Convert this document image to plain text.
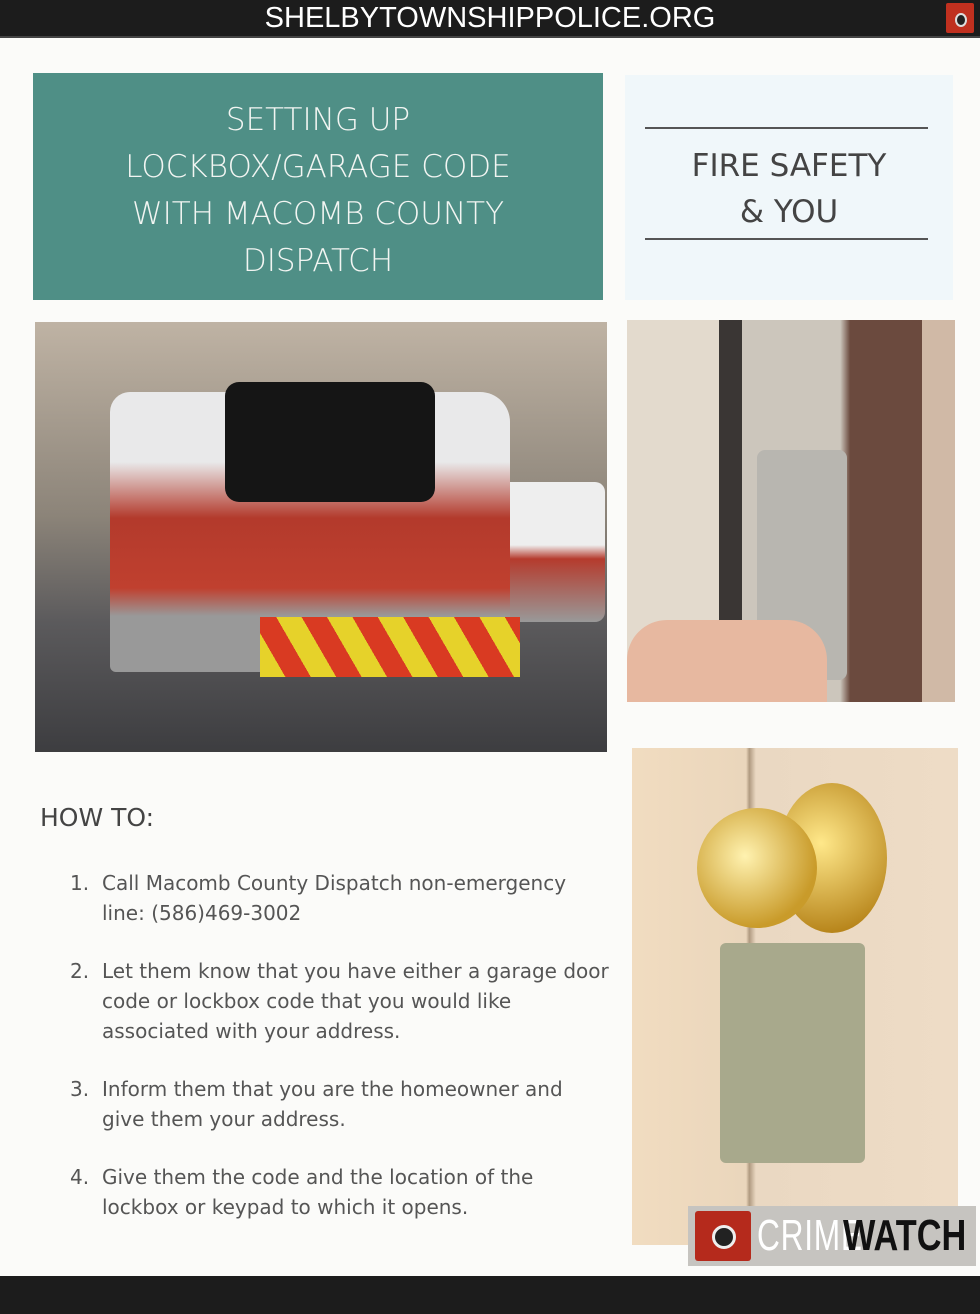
SHELBYTOWNSHIPPOLICE.ORG
SETTING UP
LOCKBOX/GARAGE CODE
WITH MACOMB COUNTY
DISPATCH
FIRE SAFETY
& YOU
HOW TO:
1. Call Macomb County Dispatch non-emergency line: (586)469-3002
2. Let them know that you have either a garage door code or lockbox code that you would like associated with your address.
3. Inform them that you are the homeowner and give them your address.
4. Give them the code and the location of the lockbox or keypad to which it opens.
CRIME
WATCH
